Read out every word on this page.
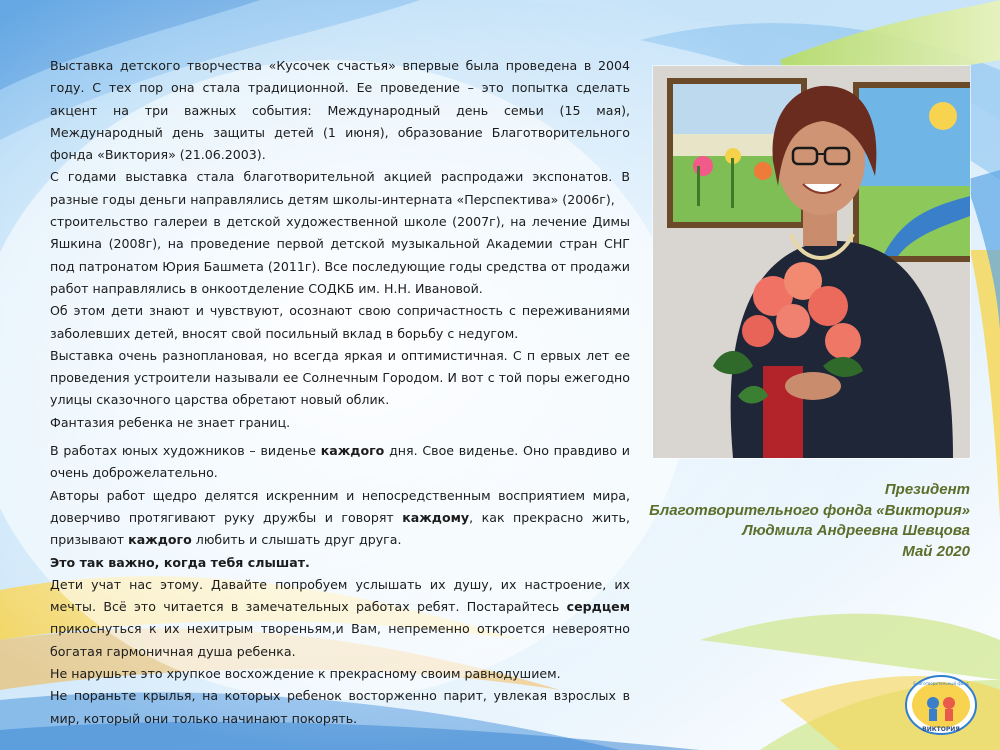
Выставка детского творчества «Кусочек счастья» впервые была проведена в 2004 году. С тех пор она стала традиционной. Ее проведение – это попытка сделать акцент на три важных события: Международный день семьи (15 мая), Международный день защиты детей (1 июня), образование Благотворительного фонда «Виктория» (21.06.2003).

С годами выставка стала благотворительной акцией распродажи экспонатов. В разные годы деньги направлялись детям школы-интерната «Перспектива» (2006г),

строительство галереи в детской художественной школе (2007г), на лечение Димы Яшкина (2008г), на проведение первой детской музыкальной Академии стран СНГ под патронатом Юрия Башмета (2011г). Все последующие годы средства от продажи работ направлялись в онкоотделение СОДКБ им. Н.Н. Ивановой.

Об этом дети знают и чувствуют, осознают свою сопричастность с переживаниями заболевших детей, вносят свой посильный вклад в борьбу с недугом.

Выставка очень разноплановая, но всегда яркая и оптимистичная. С п ервых лет ее проведения устроители называли ее Солнечным Городом. И вот с той поры ежегодно улицы сказочного царства обретают новый облик.

Фантазия ребенка не знает границ.

В работах юных художников – виденье каждого дня. Свое виденье. Оно правдиво и очень доброжелательно.

Авторы работ щедро делятся искренним и непосредственным восприятием мира, доверчиво протягивают руку дружбы и говорят каждому, как прекрасно жить, призывают каждого любить и слышать друг друга.

Это так важно, когда тебя слышат.

Дети учат нас этому. Давайте попробуем услышать их душу, их настроение, их мечты. Всё это читается в замечательных работах ребят. Постарайтесь сердцем прикоснуться к их нехитрым твореньям,и Вам, непременно откроется невероятно богатая гармоничная душа ребенка.

Не нарушьте это хрупкое восхождение к прекрасному своим равнодушием.

Не пораньте крылья, на которых ребенок восторженно парит, увлекая взрослых в мир, который они только начинают покорять.

Президент
Благотворительного фонда «Виктория»
Людмила Андреевна Шевцова
Май 2020
Благотворительный фонд
ВИКТОРИЯ
